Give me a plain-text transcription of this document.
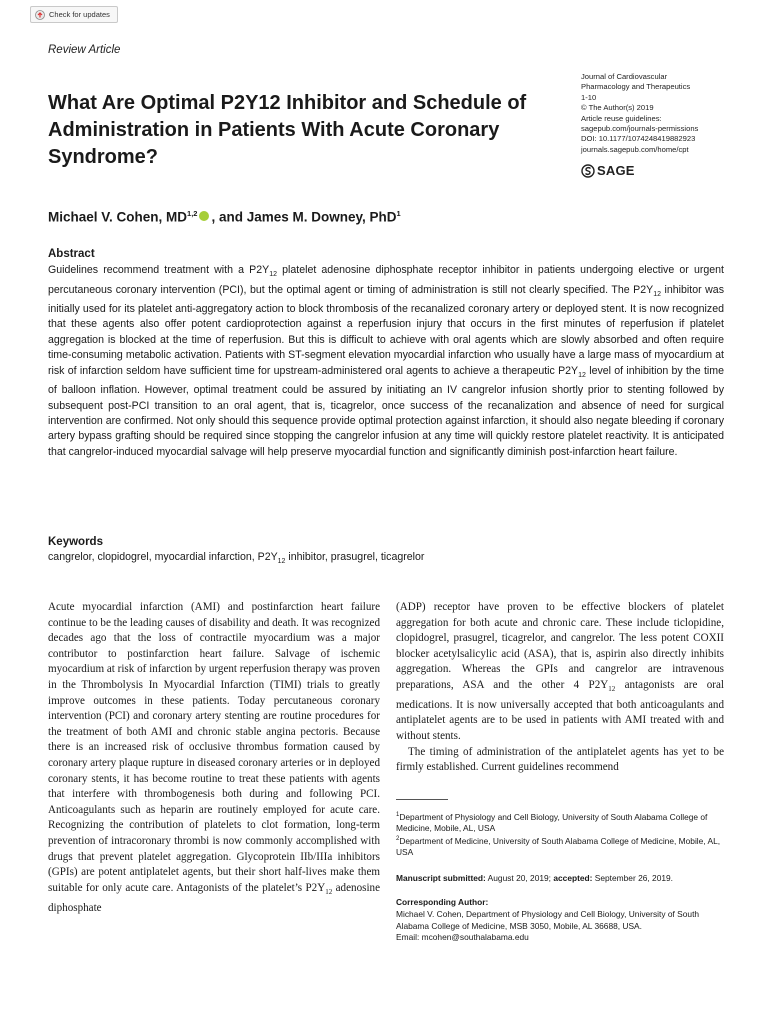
Check for updates
Review Article
What Are Optimal P2Y12 Inhibitor and Schedule of Administration in Patients With Acute Coronary Syndrome?
Journal of Cardiovascular
Pharmacology and Therapeutics
1-10
© The Author(s) 2019
Article reuse guidelines:
sagepub.com/journals-permissions
DOI: 10.1177/1074248419882923
journals.sagepub.com/home/cpt
SAGE
Michael V. Cohen, MD$^{1,2}$ , and James M. Downey, PhD$^1$
Abstract

Guidelines recommend treatment with a $P2Y_{12}$ platelet adenosine diphosphate receptor inhibitor in patients undergoing elective or urgent percutaneous coronary intervention (PCI), but the optimal agent or timing of administration is still not clearly specified. The $P2Y_{12}$ inhibitor was initially used for its platelet anti-aggregatory action to block thrombosis of the recanalized coronary artery or deployed stent. It is now recognized that these agents also offer potent cardioprotection against a reperfusion injury that occurs in the first minutes of reperfusion if platelet aggregation is blocked at the time of reperfusion. But this is difficult to achieve with oral agents which are slowly absorbed and often require time-consuming metabolic activation. Patients with ST-segment elevation myocardial infarction who usually have a large mass of myocardium at risk of infarction seldom have sufficient time for upstream-administered oral agents to achieve a therapeutic $P2Y_{12}$ level of inhibition by the time of balloon inflation. However, optimal treatment could be assured by initiating an IV cangrelor infusion shortly prior to stenting followed by subsequent post-PCI transition to an oral agent, that is, ticagrelor, once success of the recanalization and absence of need for surgical intervention are confirmed. Not only should this sequence provide optimal protection against infarction, it should also negate bleeding if coronary artery bypass grafting should be required since stopping the cangrelor infusion at any time will quickly restore platelet reactivity. It is anticipated that cangrelor-induced myocardial salvage will help preserve myocardial function and significantly diminish post-infarction heart failure.

Keywords
cangrelor, clopidogrel, myocardial infarction, $P2Y_{12}$ inhibitor, prasugrel, ticagrelor

Acute myocardial infarction (AMI) and postinfarction heart failure continue to be the leading causes of disability and death. It was recognized decades ago that the loss of contractile myocardium was a major contributor to postinfarction heart failure. Salvage of ischemic myocardium at risk of infarction by urgent reperfusion therapy was proven in the Thrombolysis In Myocardial Infarction (TIMI) trials to greatly improve outcomes in these patients. Today percutaneous coronary intervention (PCI) and coronary artery stenting are routine procedures for the treatment of both AMI and chronic stable angina pectoris. Because there is an increased risk of occlusive thrombus formation caused by coronary artery plaque rupture in diseased coronary arteries or in deployed coronary stents, it has become routine to treat these patients with agents that interfere with thrombogenesis both during and following PCI. Anticoagulants such as heparin are routinely employed for acute care. Recognizing the contribution of platelets to clot formation, long-term prevention of intracoronary thrombi is now commonly accomplished with drugs that prevent platelet aggregation. Glycoprotein IIb/IIIa inhibitors (GPIs) are potent antiplatelet agents, but their short half-lives make them suitable for only acute care. Antagonists of the platelet’s $P2Y_{12}$ adenosine diphosphate

(ADP) receptor have proven to be effective blockers of platelet aggregation for both acute and chronic care. These include ticlopidine, clopidogrel, prasugrel, ticagrelor, and cangrelor. The less potent COXII blocker acetylsalicylic acid (ASA), that is, aspirin also directly inhibits aggregation. Whereas the GPIs and cangrelor are intravenous preparations, ASA and the other 4 $P2Y_{12}$ antagonists are oral medications. It is now universally accepted that both anticoagulants and antiplatelet agents are to be used in patients with AMI treated with and without stents.

The timing of administration of the antiplatelet agents has yet to be firmly established. Current guidelines recommend

$^1$Department of Physiology and Cell Biology, University of South Alabama College of Medicine, Mobile, AL, USA
$^2$Department of Medicine, University of South Alabama College of Medicine, Mobile, AL, USA
Manuscript submitted: August 20, 2019; accepted: September 26, 2019.
Corresponding Author:
Michael V. Cohen, Department of Physiology and Cell Biology, University of South Alabama College of Medicine, MSB 3050, Mobile, AL 36688, USA.
Email: mcohen@southalabama.edu
